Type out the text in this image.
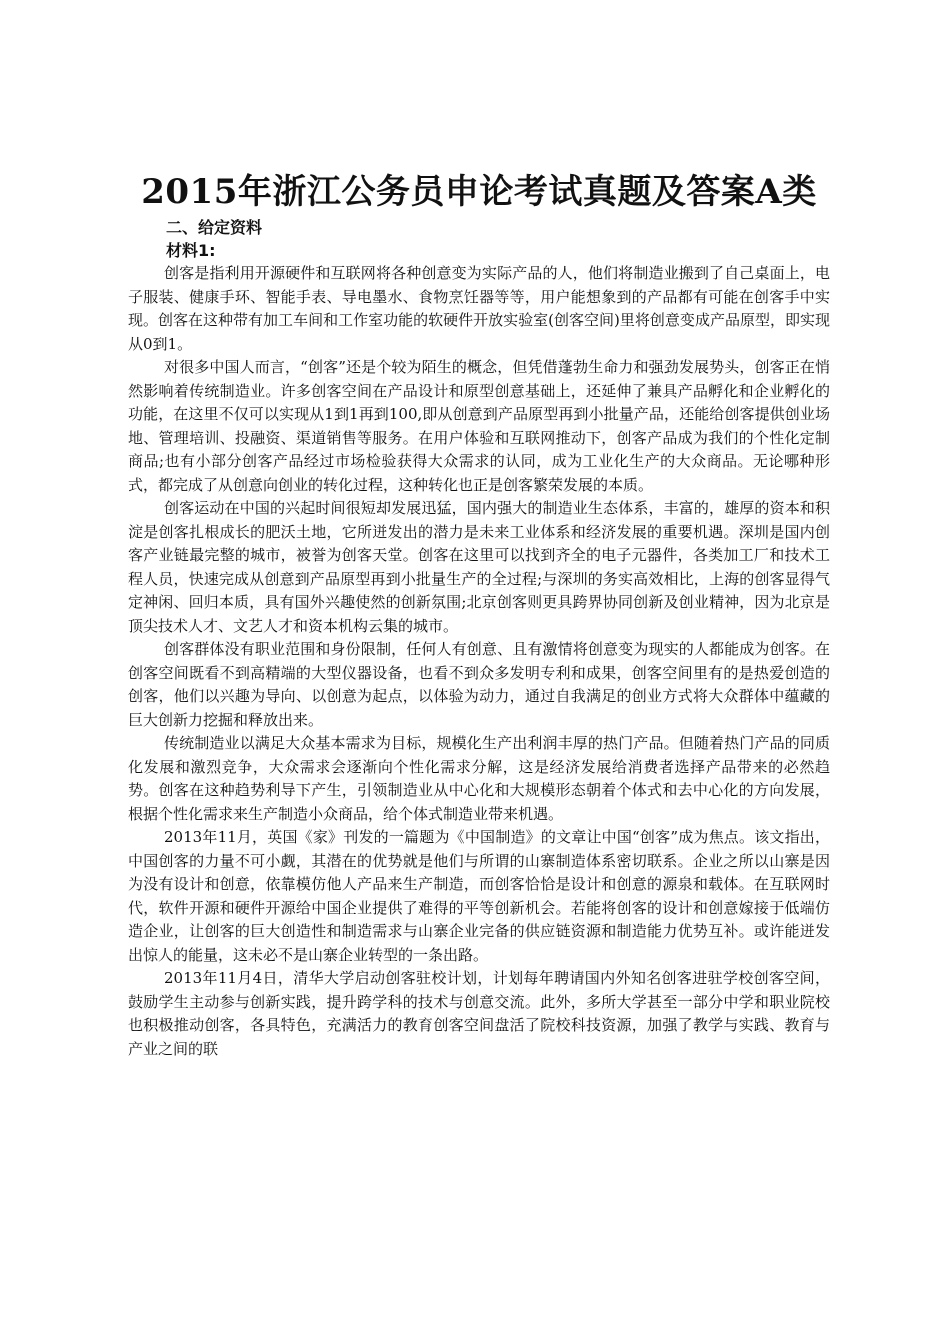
2015年浙江公务员申论考试真题及答案A类
二、给定资料
材料1:

创客是指利用开源硬件和互联网将各种创意变为实际产品的人，他们将制造业搬到了自己桌面上，电子服装、健康手环、智能手表、导电墨水、食物烹饪器等等，用户能想象到的产品都有可能在创客手中实现。创客在这种带有加工车间和工作室功能的软硬件开放实验室(创客空间)里将创意变成产品原型，即实现从0到1。

对很多中国人而言，“创客”还是个较为陌生的概念，但凭借蓬勃生命力和强劲发展势头，创客正在悄然影响着传统制造业。许多创客空间在产品设计和原型创意基础上，还延伸了兼具产品孵化和企业孵化的功能，在这里不仅可以实现从1到1再到100,即从创意到产品原型再到小批量产品，还能给创客提供创业场地、管理培训、投融资、渠道销售等服务。在用户体验和互联网推动下，创客产品成为我们的个性化定制商品;也有小部分创客产品经过市场检验获得大众需求的认同，成为工业化生产的大众商品。无论哪种形式，都完成了从创意向创业的转化过程，这种转化也正是创客繁荣发展的本质。

创客运动在中国的兴起时间很短却发展迅猛，国内强大的制造业生态体系，丰富的，雄厚的资本和积淀是创客扎根成长的肥沃土地，它所迸发出的潜力是未来工业体系和经济发展的重要机遇。深圳是国内创客产业链最完整的城市，被誉为创客天堂。创客在这里可以找到齐全的电子元器件，各类加工厂和技术工程人员，快速完成从创意到产品原型再到小批量生产的全过程;与深圳的务实高效相比，上海的创客显得气定神闲、回归本质，具有国外兴趣使然的创新氛围;北京创客则更具跨界协同创新及创业精神，因为北京是顶尖技术人才、文艺人才和资本机构云集的城市。

创客群体没有职业范围和身份限制，任何人有创意、且有激情将创意变为现实的人都能成为创客。在创客空间既看不到高精端的大型仪器设备，也看不到众多发明专利和成果，创客空间里有的是热爱创造的创客，他们以兴趣为导向、以创意为起点，以体验为动力，通过自我满足的创业方式将大众群体中蕴藏的巨大创新力挖掘和释放出来。

传统制造业以满足大众基本需求为目标，规模化生产出利润丰厚的热门产品。但随着热门产品的同质化发展和激烈竞争，大众需求会逐渐向个性化需求分解，这是经济发展给消费者选择产品带来的必然趋势。创客在这种趋势利导下产生，引领制造业从中心化和大规模形态朝着个体式和去中心化的方向发展，根据个性化需求来生产制造小众商品，给个体式制造业带来机遇。

2013年11月，英国《家》刊发的一篇题为《中国制造》的文章让中国“创客”成为焦点。该文指出，中国创客的力量不可小觑，其潜在的优势就是他们与所谓的山寨制造体系密切联系。企业之所以山寨是因为没有设计和创意，依靠模仿他人产品来生产制造，而创客恰恰是设计和创意的源泉和载体。在互联网时代，软件开源和硬件开源给中国企业提供了难得的平等创新机会。若能将创客的设计和创意嫁接于低端仿造企业，让创客的巨大创造性和制造需求与山寨企业完备的供应链资源和制造能力优势互补。或许能迸发出惊人的能量，这未必不是山寨企业转型的一条出路。

2013年11月4日，清华大学启动创客驻校计划，计划每年聘请国内外知名创客进驻学校创客空间，鼓励学生主动参与创新实践，提升跨学科的技术与创意交流。此外，多所大学甚至一部分中学和职业院校也积极推动创客，各具特色，充满活力的教育创客空间盘活了院校科技资源，加强了教学与实践、教育与产业之间的联
